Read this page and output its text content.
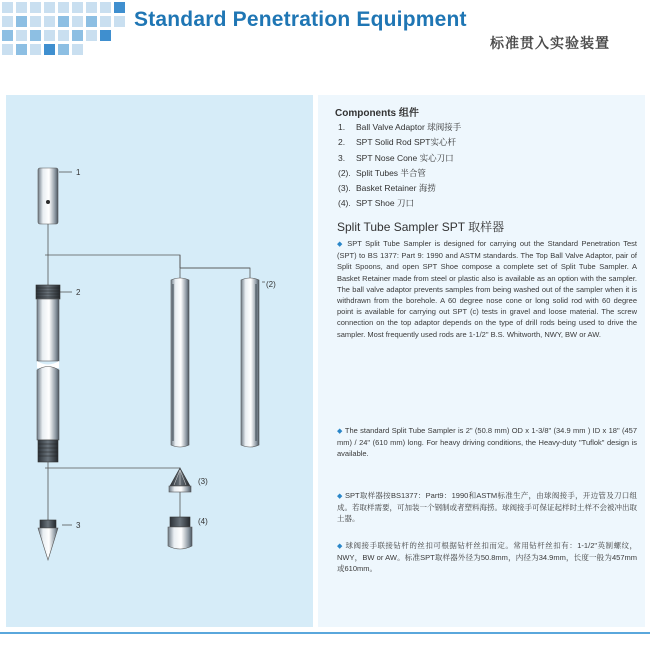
Standard Penetration Equipment
标准贯入实验装置
1
2
3
(2)
(3)
(4)
Components 组件
1. Ball Valve Adaptor 球阀接手
2. SPT Solid Rod SPT实心杆
3. SPT Nose Cone 实心刀口
(2). Split Tubes 半合管
(3). Basket Retainer 海捞
(4). SPT Shoe 刀口
Split Tube Sampler SPT 取样器
◆ SPT Split Tube Sampler is designed for carrying out the Standard Penetration Test (SPT) to BS 1377: Part 9: 1990 and ASTM standards. The Top Ball Valve Adaptor, pair of Split Spoons, and open SPT Shoe compose a complete set of Split Tube Sampler. A Basket Retainer made from steel or plastic also is available as an option with the sampler. The ball valve adaptor prevents samples from being washed out of the sampler when it is withdrawn from the borehole. A 60 degree nose cone or long solid rod with 60 degree point is available for carrying out SPT (c) tests in gravel and loose material. The screw connection on the top adaptor depends on the type of drill rods being used to drive the sampler. Most frequently used rods are 1-1/2" B.S. Whitworth, NWY, BW or AW.
◆ The standard Split Tube Sampler is 2" (50.8 mm) OD x 1-3/8" (34.9 mm ) ID x 18" (457 mm) / 24" (610 mm) long. For heavy driving conditions, the Heavy-duty "Tuflok" design is available.
◆ SPT取样器按BS1377：Part9：1990和ASTM标准生产，由球阀接手，开边管及刀口组成。若取样需要，可加装一个钢制或者塑料海捞。球阀接手可保证起样时土样不会被冲出取土器。
◆ 球阀接手联接钻杆的丝扣可根据钻杆丝扣而定。常用钻杆丝扣有：1-1/2"英制螺纹，NWY，BW or AW。标准SPT取样器外径为50.8mm，内径为34.9mm，长度一般为457mm或610mm。
